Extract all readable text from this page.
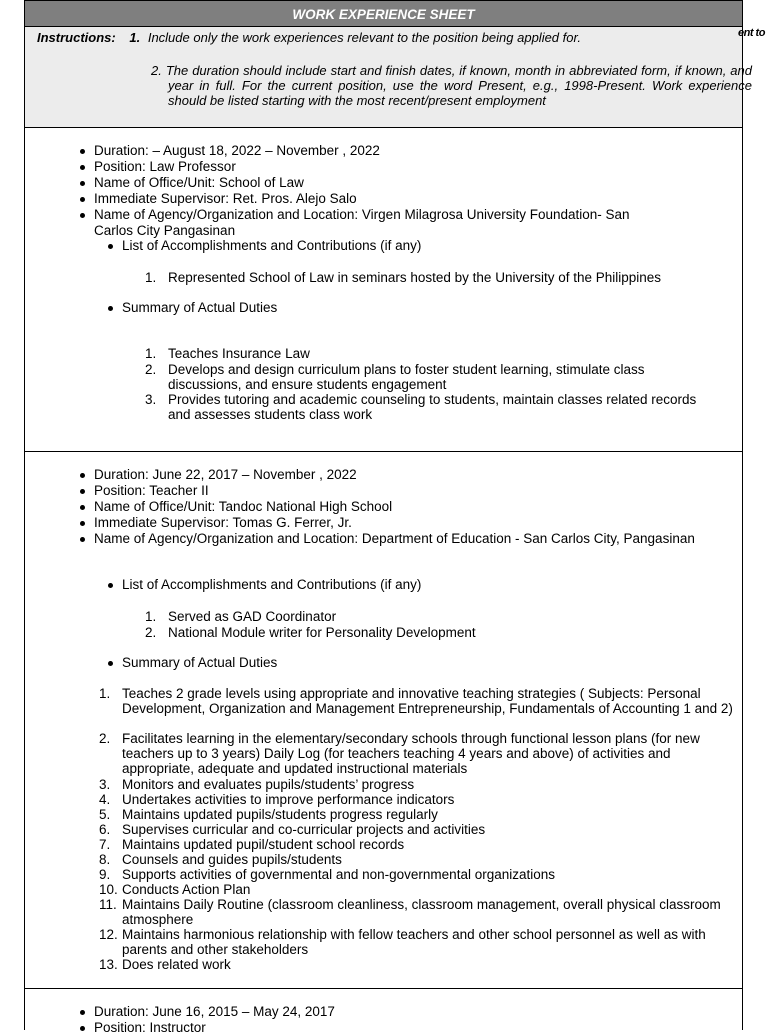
WORK EXPERIENCE SHEET
Instructions: 1. Include only the work experiences relevant to the position being applied for.
2. The duration should include start and finish dates, if known, month in abbreviated form, if known, and year in full. For the current position, use the word Present, e.g., 1998-Present. Work experience should be listed starting with the most recent/present employment
ent to
Duration: – August 18, 2022 – November , 2022
Position: Law Professor
Name of Office/Unit: School of Law
Immediate Supervisor: Ret. Pros. Alejo Salo
Name of Agency/Organization and Location: Virgen Milagrosa University Foundation- San
Carlos City Pangasinan
List of Accomplishments and Contributions (if any)
1. Represented School of Law in seminars hosted by the University of the Philippines
Summary of Actual Duties
1. Teaches Insurance Law
2. Develops and design curriculum plans to foster student learning, stimulate class discussions, and ensure students engagement
3. Provides tutoring and academic counseling to students, maintain classes related records and assesses students class work
Duration: June 22, 2017 – November , 2022
Position: Teacher II
Name of Office/Unit: Tandoc National High School
Immediate Supervisor: Tomas G. Ferrer, Jr.
Name of Agency/Organization and Location: Department of Education - San Carlos City, Pangasinan
List of Accomplishments and Contributions (if any)
1. Served as GAD Coordinator
2. National Module writer for Personality Development
Summary of Actual Duties
1. Teaches 2 grade levels using appropriate and innovative teaching strategies ( Subjects: Personal Development, Organization and Management Entrepreneurship, Fundamentals of Accounting 1 and 2)
2. Facilitates learning in the elementary/secondary schools through functional lesson plans (for new teachers up to 3 years) Daily Log (for teachers teaching 4 years and above) of activities and appropriate, adequate and updated instructional materials
3. Monitors and evaluates pupils/students’ progress
4. Undertakes activities to improve performance indicators
5. Maintains updated pupils/students progress regularly
6. Supervises curricular and co-curricular projects and activities
7. Maintains updated pupil/student school records
8. Counsels and guides pupils/students
9. Supports activities of governmental and non-governmental organizations
10. Conducts Action Plan
11. Maintains Daily Routine (classroom cleanliness, classroom management, overall physical classroom atmosphere
12. Maintains harmonious relationship with fellow teachers and other school personnel as well as with parents and other stakeholders
13. Does related work
Duration: June 16, 2015 – May 24, 2017
Position: Instructor
